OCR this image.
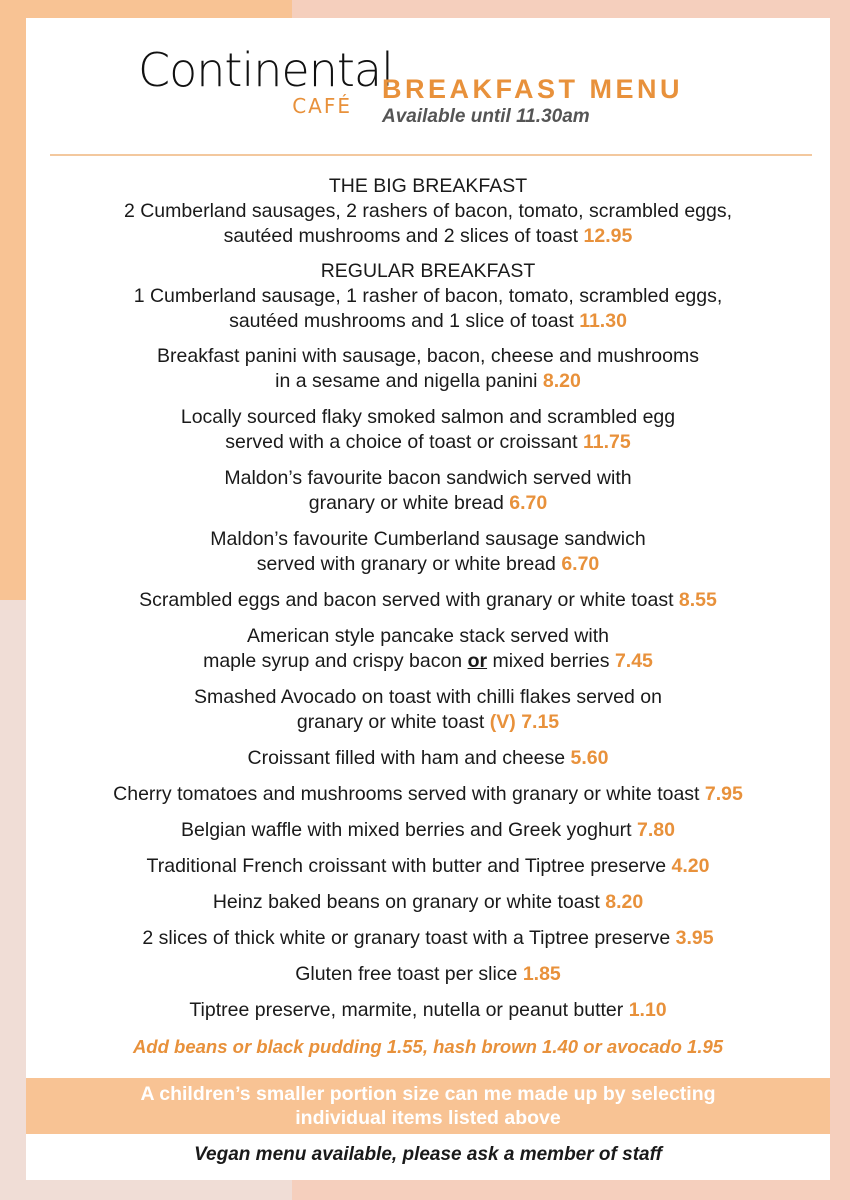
Continental
CAFÉ
BREAKFAST MENU
Available until 11.30am
THE BIG BREAKFAST
2 Cumberland sausages, 2 rashers of bacon, tomato, scrambled eggs,
sautéed mushrooms and 2 slices of toast 12.95
REGULAR BREAKFAST
1 Cumberland sausage, 1 rasher of bacon, tomato, scrambled eggs,
sautéed mushrooms and 1 slice of toast 11.30
Breakfast panini with sausage, bacon, cheese and mushrooms
in a sesame and nigella panini 8.20
Locally sourced flaky smoked salmon and scrambled egg
served with a choice of toast or croissant 11.75
Maldon’s favourite bacon sandwich served with
granary or white bread 6.70
Maldon’s favourite Cumberland sausage sandwich
served with granary or white bread 6.70
Scrambled eggs and bacon served with granary or white toast 8.55
American style pancake stack served with
maple syrup and crispy bacon or mixed berries 7.45
Smashed Avocado on toast with chilli flakes served on
granary or white toast (V) 7.15
Croissant filled with ham and cheese 5.60
Cherry tomatoes and mushrooms served with granary or white toast 7.95
Belgian waffle with mixed berries and Greek yoghurt 7.80
Traditional French croissant with butter and Tiptree preserve 4.20
Heinz baked beans on granary or white toast 8.20
2 slices of thick white or granary toast with a Tiptree preserve 3.95
Gluten free toast per slice 1.85
Tiptree preserve, marmite, nutella or peanut butter 1.10
Add beans or black pudding 1.55, hash brown 1.40 or avocado 1.95
A children’s smaller portion size can me made up by selecting individual items listed above
Vegan menu available, please ask a member of staff
